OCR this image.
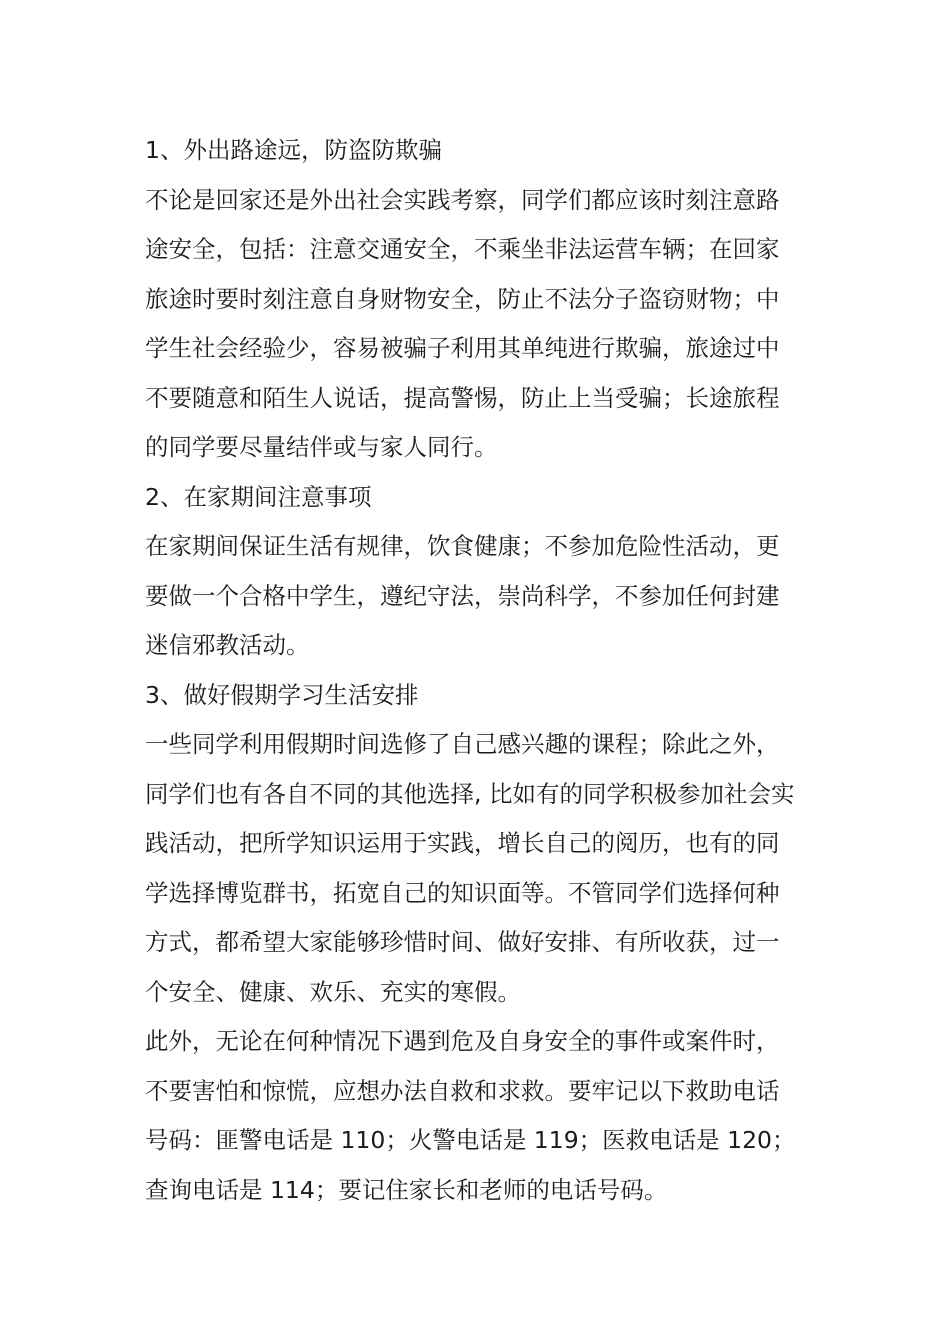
1、外出路途远，防盗防欺骗
不论是回家还是外出社会实践考察，同学们都应该时刻注意路
途安全，包括：注意交通安全，不乘坐非法运营车辆；在回家
旅途时要时刻注意自身财物安全，防止不法分子盗窃财物；中
学生社会经验少，容易被骗子利用其单纯进行欺骗，旅途过中
不要随意和陌生人说话，提高警惕，防止上当受骗；长途旅程
的同学要尽量结伴或与家人同行。
2、在家期间注意事项
在家期间保证生活有规律，饮食健康；不参加危险性活动，更
要做一个合格中学生，遵纪守法，崇尚科学，不参加任何封建
迷信邪教活动。
3、做好假期学习生活安排
一些同学利用假期时间选修了自己感兴趣的课程；除此之外，
同学们也有各自不同的其他选择, 比如有的同学积极参加社会实
践活动，把所学知识运用于实践，增长自己的阅历，也有的同
学选择博览群书，拓宽自己的知识面等。不管同学们选择何种
方式，都希望大家能够珍惜时间、做好安排、有所收获，过一
个安全、健康、欢乐、充实的寒假。
此外，无论在何种情况下遇到危及自身安全的事件或案件时，
不要害怕和惊慌，应想办法自救和求救。要牢记以下救助电话
号码：匪警电话是 110；火警电话是 119；医救电话是 120；
查询电话是 114；要记住家长和老师的电话号码。
